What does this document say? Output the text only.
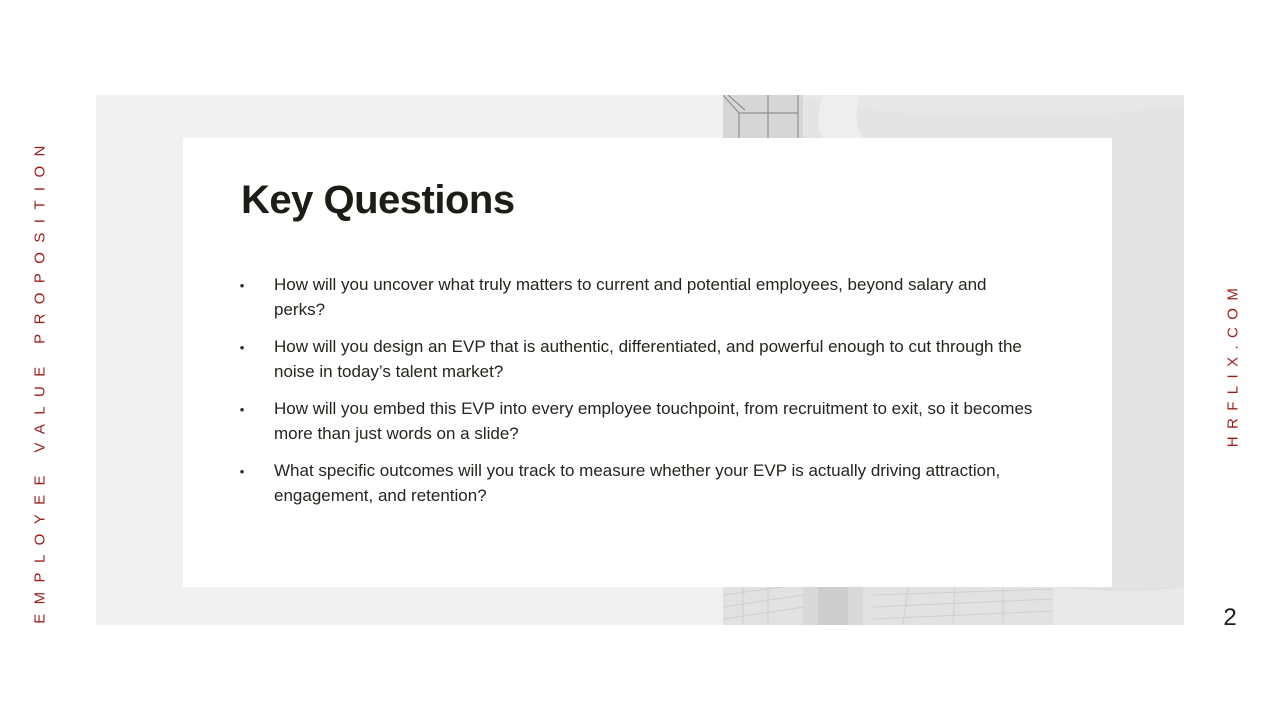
Key Questions
• How will you uncover what truly matters to current and potential employees, beyond salary and perks?
• How will you design an EVP that is authentic, differentiated, and powerful enough to cut through the noise in today’s talent market?
• How will you embed this EVP into every employee touchpoint, from recruitment to exit, so it becomes more than just words on a slide?
• What specific outcomes will you track to measure whether your EVP is actually driving attraction, engagement, and retention?
EMPLOYEE VALUE PROPOSITION	HRFLIX.COM
2
